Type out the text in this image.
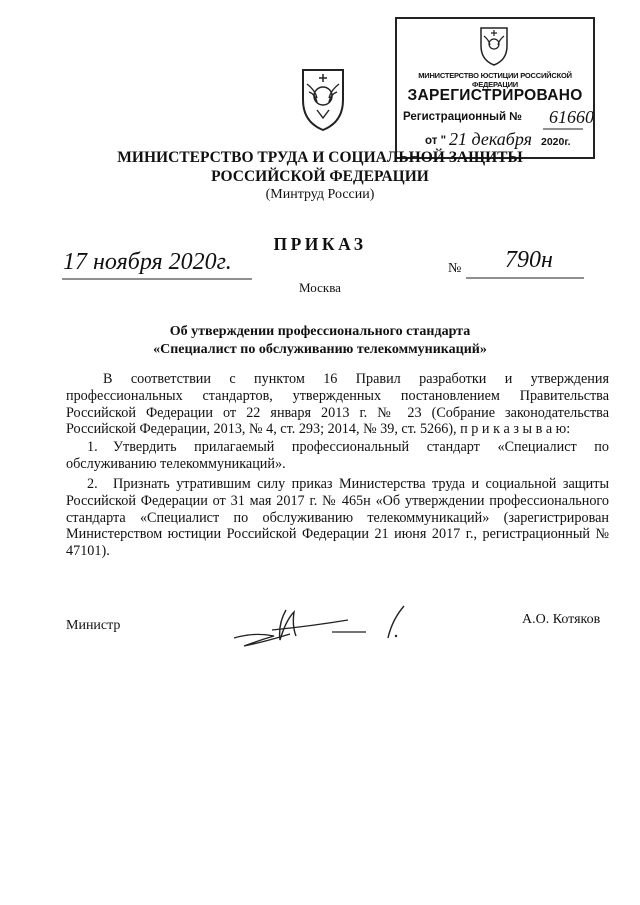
МИНИСТЕРСТВО ЮСТИЦИИ РОССИЙСКОЙ ФЕДЕРАЦИИ
ЗАРЕГИСТРИРОВАНО
Регистрационный № 61660
от " 21 декабря 2020г.
МИНИСТЕРСТВО ТРУДА И СОЦИАЛЬНОЙ ЗАЩИТЫ
РОССИЙСКОЙ ФЕДЕРАЦИИ
(Минтруд России)
ПРИКАЗ
17 ноября 2020г.	№ 790н
Москва
Об утверждении профессионального стандарта
«Специалист по обслуживанию телекоммуникаций»
В соответствии с пунктом 16 Правил разработки и утверждения профессиональных стандартов, утвержденных постановлением Правительства Российской Федерации от 22 января 2013 г. № 23 (Собрание законодательства Российской Федерации, 2013, № 4, ст. 293; 2014, № 39, ст. 5266), п р и к а з ы в а ю:
1. Утвердить прилагаемый профессиональный стандарт «Специалист по обслуживанию телекоммуникаций».
2. Признать утратившим силу приказ Министерства труда и социальной защиты Российской Федерации от 31 мая 2017 г. № 465н «Об утверждении профессионального стандарта «Специалист по обслуживанию телекоммуникаций» (зарегистрирован Министерством юстиции Российской Федерации 21 июня 2017 г., регистрационный № 47101).
Министр	А.О. Котяков
